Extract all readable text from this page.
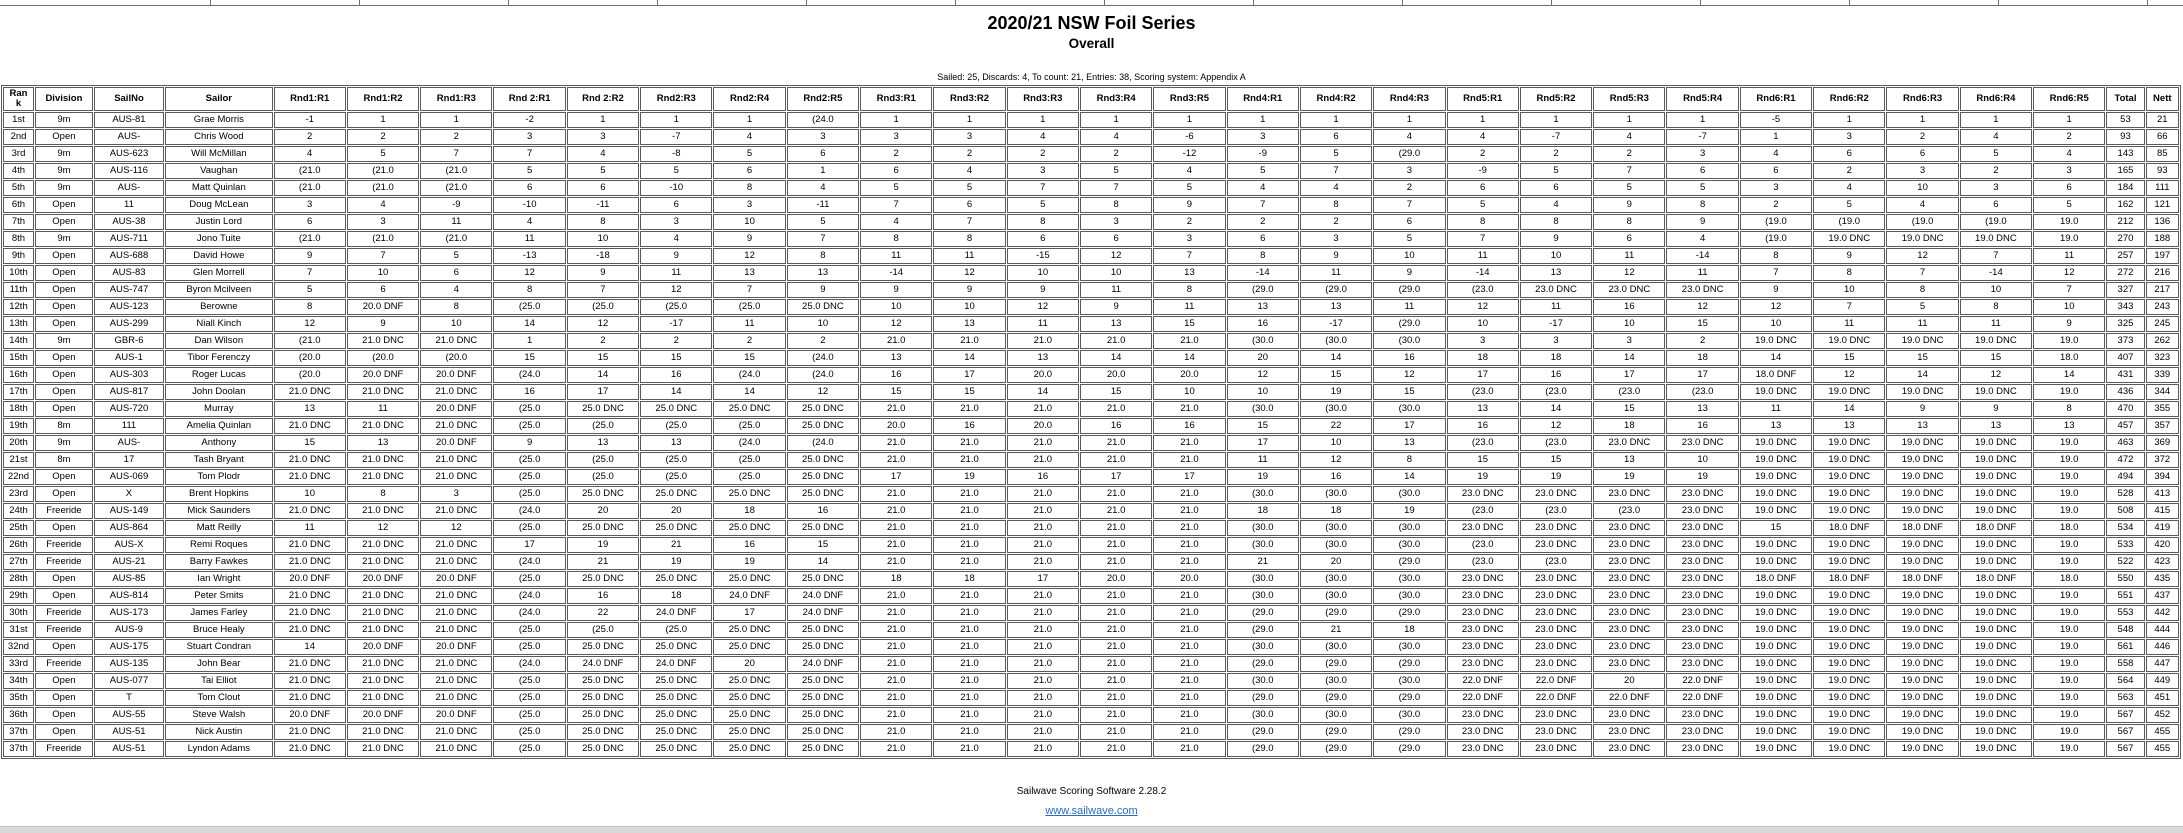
2020/21 NSW Foil Series
Overall
Sailed: 25, Discards: 4, To count: 21, Entries: 38, Scoring system: Appendix A
Rank	Division	SailNo	Sailor	Rnd1:R1	Rnd1:R2	Rnd1:R3	Rnd 2:R1	Rnd 2:R2	Rnd2:R3	Rnd2:R4	Rnd2:R5	Rnd3:R1	Rnd3:R2	Rnd3:R3	Rnd3:R4	Rnd3:R5	Rnd4:R1	Rnd4:R2	Rnd4:R3	Rnd5:R1	Rnd5:R2	Rnd5:R3	Rnd5:R4	Rnd6:R1	Rnd6:R2	Rnd6:R3	Rnd6:R4	Rnd6:R5	Total	Nett
1st	9m	AUS-81	Grae Morris	-1	1	1	-2	1	1	1	(24.0	1	1	1	1	1	1	1	1	1	1	1	1	-5	1	1	1	1	53	21
2nd	Open	AUS-	Chris Wood	2	2	2	3	3	-7	4	3	3	3	4	4	-6	3	6	4	4	-7	4	-7	1	3	2	4	2	93	66
3rd	9m	AUS-623	Will McMillan	4	5	7	7	4	-8	5	6	2	2	2	2	-12	-9	5	(29.0	2	2	2	3	4	6	6	5	4	143	85
4th	9m	AUS-116	Vaughan	(21.0	(21.0	(21.0	5	5	5	6	1	6	4	3	5	4	5	7	3	-9	5	7	6	6	2	3	2	3	165	93
5th	9m	AUS-	Matt Quinlan	(21.0	(21.0	(21.0	6	6	-10	8	4	5	5	7	7	5	4	4	2	6	6	5	5	3	4	10	3	6	184	111
6th	Open	11	Doug McLean	3	4	-9	-10	-11	6	3	-11	7	6	5	8	9	7	8	7	5	4	9	8	2	5	4	6	5	162	121
7th	Open	AUS-38	Justin Lord	6	3	11	4	8	3	10	5	4	7	8	3	2	2	2	6	8	8	8	9	(19.0	(19.0	(19.0	(19.0	19.0	212	136
8th	9m	AUS-711	Jono Tuite	(21.0	(21.0	(21.0	11	10	4	9	7	8	8	6	6	3	6	3	5	7	9	6	4	(19.0	19.0 DNC	19.0 DNC	19.0 DNC	19.0	270	188
9th	Open	AUS-688	David Howe	9	7	5	-13	-18	9	12	8	11	11	-15	12	7	8	9	10	11	10	11	-14	8	9	12	7	11	257	197
10th	Open	AUS-83	Glen Morrell	7	10	6	12	9	11	13	13	-14	12	10	10	13	-14	11	9	-14	13	12	11	7	8	7	-14	12	272	216
11th	Open	AUS-747	Byron Mcilveen	5	6	4	8	7	12	7	9	9	9	9	11	8	(29.0	(29.0	(29.0	(23.0	23.0 DNC	23.0 DNC	23.0 DNC	9	10	8	10	7	327	217
12th	Open	AUS-123	Berowne	8	20.0 DNF	8	(25.0	(25.0	(25.0	(25.0	25.0 DNC	10	10	12	9	11	13	13	11	12	11	16	12	12	7	5	8	10	343	243
13th	Open	AUS-299	Niall Kinch	12	9	10	14	12	-17	11	10	12	13	11	13	15	16	-17	(29.0	10	-17	10	15	10	11	11	11	9	325	245
14th	9m	GBR-6	Dan Wilson	(21.0	21.0 DNC	21.0 DNC	1	2	2	2	2	21.0	21.0	21.0	21.0	21.0	(30.0	(30.0	(30.0	3	3	3	2	19.0 DNC	19.0 DNC	19.0 DNC	19.0 DNC	19.0	373	262
15th	Open	AUS-1	Tibor Ferenczy	(20.0	(20.0	(20.0	15	15	15	15	(24.0	13	14	13	14	14	20	14	16	18	18	14	18	14	15	15	15	18.0	407	323
16th	Open	AUS-303	Roger Lucas	(20.0	20.0 DNF	20.0 DNF	(24.0	14	16	(24.0	(24.0	16	17	20.0	20.0	20.0	12	15	12	17	16	17	17	18.0 DNF	12	14	12	14	431	339
17th	Open	AUS-817	John Doolan	21.0 DNC	21.0 DNC	21.0 DNC	16	17	14	14	12	15	15	14	15	10	10	19	15	(23.0	(23.0	(23.0	(23.0	19.0 DNC	19.0 DNC	19.0 DNC	19.0 DNC	19.0	436	344
18th	Open	AUS-720	Murray	13	11	20.0 DNF	(25.0	25.0 DNC	25.0 DNC	25.0 DNC	25.0 DNC	21.0	21.0	21.0	21.0	21.0	(30.0	(30.0	(30.0	13	14	15	13	11	14	9	9	8	470	355
19th	8m	111	Amelia Quinlan	21.0 DNC	21.0 DNC	21.0 DNC	(25.0	(25.0	(25.0	(25.0	25.0 DNC	20.0	16	20.0	16	16	15	22	17	16	12	18	16	13	13	13	13	13	457	357
20th	9m	AUS-	Anthony	15	13	20.0 DNF	9	13	13	(24.0	(24.0	21.0	21.0	21.0	21.0	21.0	17	10	13	(23.0	(23.0	23.0 DNC	23.0 DNC	19.0 DNC	19.0 DNC	19.0 DNC	19.0 DNC	19.0	463	369
21st	8m	17	Tash Bryant	21.0 DNC	21.0 DNC	21.0 DNC	(25.0	(25.0	(25.0	(25.0	25.0 DNC	21.0	21.0	21.0	21.0	21.0	11	12	8	15	15	13	10	19.0 DNC	19.0 DNC	19.0 DNC	19.0 DNC	19.0	472	372
22nd	Open	AUS-069	Tom Plodr	21.0 DNC	21.0 DNC	21.0 DNC	(25.0	(25.0	(25.0	(25.0	25.0 DNC	17	19	16	17	17	19	16	14	19	19	19	19	19.0 DNC	19.0 DNC	19.0 DNC	19.0 DNC	19.0	494	394
23rd	Open	X	Brent Hopkins	10	8	3	(25.0	25.0 DNC	25.0 DNC	25.0 DNC	25.0 DNC	21.0	21.0	21.0	21.0	21.0	(30.0	(30.0	(30.0	23.0 DNC	23.0 DNC	23.0 DNC	23.0 DNC	19.0 DNC	19.0 DNC	19.0 DNC	19.0 DNC	19.0	528	413
24th	Freeride	AUS-149	Mick Saunders	21.0 DNC	21.0 DNC	21.0 DNC	(24.0	20	20	18	16	21.0	21.0	21.0	21.0	21.0	18	18	19	(23.0	(23.0	(23.0	23.0 DNC	19.0 DNC	19.0 DNC	19.0 DNC	19.0 DNC	19.0	508	415
25th	Open	AUS-864	Matt Reilly	11	12	12	(25.0	25.0 DNC	25.0 DNC	25.0 DNC	25.0 DNC	21.0	21.0	21.0	21.0	21.0	(30.0	(30.0	(30.0	23.0 DNC	23.0 DNC	23.0 DNC	23.0 DNC	15	18.0 DNF	18.0 DNF	18.0 DNF	18.0	534	419
26th	Freeride	AUS-X	Remi Roques	21.0 DNC	21.0 DNC	21.0 DNC	17	19	21	16	15	21.0	21.0	21.0	21.0	21.0	(30.0	(30.0	(30.0	(23.0	23.0 DNC	23.0 DNC	23.0 DNC	19.0 DNC	19.0 DNC	19.0 DNC	19.0 DNC	19.0	533	420
27th	Freeride	AUS-21	Barry Fawkes	21.0 DNC	21.0 DNC	21.0 DNC	(24.0	21	19	19	14	21.0	21.0	21.0	21.0	21.0	21	20	(29.0	(23.0	(23.0	23.0 DNC	23.0 DNC	19.0 DNC	19.0 DNC	19.0 DNC	19.0 DNC	19.0	522	423
28th	Open	AUS-85	Ian Wright	20.0 DNF	20.0 DNF	20.0 DNF	(25.0	25.0 DNC	25.0 DNC	25.0 DNC	25.0 DNC	18	18	17	20.0	20.0	(30.0	(30.0	(30.0	23.0 DNC	23.0 DNC	23.0 DNC	23.0 DNC	18.0 DNF	18.0 DNF	18.0 DNF	18.0 DNF	18.0	550	435
29th	Open	AUS-814	Peter Smits	21.0 DNC	21.0 DNC	21.0 DNC	(24.0	16	18	24.0 DNF	24.0 DNF	21.0	21.0	21.0	21.0	21.0	(30.0	(30.0	(30.0	23.0 DNC	23.0 DNC	23.0 DNC	23.0 DNC	19.0 DNC	19.0 DNC	19.0 DNC	19.0 DNC	19.0	551	437
30th	Freeride	AUS-173	James Farley	21.0 DNC	21.0 DNC	21.0 DNC	(24.0	22	24.0 DNF	17	24.0 DNF	21.0	21.0	21.0	21.0	21.0	(29.0	(29.0	(29.0	23.0 DNC	23.0 DNC	23.0 DNC	23.0 DNC	19.0 DNC	19.0 DNC	19.0 DNC	19.0 DNC	19.0	553	442
31st	Freeride	AUS-9	Bruce Healy	21.0 DNC	21.0 DNC	21.0 DNC	(25.0	(25.0	(25.0	25.0 DNC	25.0 DNC	21.0	21.0	21.0	21.0	21.0	(29.0	21	18	23.0 DNC	23.0 DNC	23.0 DNC	23.0 DNC	19.0 DNC	19.0 DNC	19.0 DNC	19.0 DNC	19.0	548	444
32nd	Open	AUS-175	Stuart Condran	14	20.0 DNF	20.0 DNF	(25.0	25.0 DNC	25.0 DNC	25.0 DNC	25.0 DNC	21.0	21.0	21.0	21.0	21.0	(30.0	(30.0	(30.0	23.0 DNC	23.0 DNC	23.0 DNC	23.0 DNC	19.0 DNC	19.0 DNC	19.0 DNC	19.0 DNC	19.0	561	446
33rd	Freeride	AUS-135	John Bear	21.0 DNC	21.0 DNC	21.0 DNC	(24.0	24.0 DNF	24.0 DNF	20	24.0 DNF	21.0	21.0	21.0	21.0	21.0	(29.0	(29.0	(29.0	23.0 DNC	23.0 DNC	23.0 DNC	23.0 DNC	19.0 DNC	19.0 DNC	19.0 DNC	19.0 DNC	19.0	558	447
34th	Open	AUS-077	Tai Elliot	21.0 DNC	21.0 DNC	21.0 DNC	(25.0	25.0 DNC	25.0 DNC	25.0 DNC	25.0 DNC	21.0	21.0	21.0	21.0	21.0	(30.0	(30.0	(30.0	22.0 DNF	22.0 DNF	20	22.0 DNF	19.0 DNC	19.0 DNC	19.0 DNC	19.0 DNC	19.0	564	449
35th	Open	T	Tom Clout	21.0 DNC	21.0 DNC	21.0 DNC	(25.0	25.0 DNC	25.0 DNC	25.0 DNC	25.0 DNC	21.0	21.0	21.0	21.0	21.0	(29.0	(29.0	(29.0	22.0 DNF	22.0 DNF	22.0 DNF	22.0 DNF	19.0 DNC	19.0 DNC	19.0 DNC	19.0 DNC	19.0	563	451
36th	Open	AUS-55	Steve Walsh	20.0 DNF	20.0 DNF	20.0 DNF	(25.0	25.0 DNC	25.0 DNC	25.0 DNC	25.0 DNC	21.0	21.0	21.0	21.0	21.0	(30.0	(30.0	(30.0	23.0 DNC	23.0 DNC	23.0 DNC	23.0 DNC	19.0 DNC	19.0 DNC	19.0 DNC	19.0 DNC	19.0	567	452
37th	Open	AUS-51	Nick Austin	21.0 DNC	21.0 DNC	21.0 DNC	(25.0	25.0 DNC	25.0 DNC	25.0 DNC	25.0 DNC	21.0	21.0	21.0	21.0	21.0	(29.0	(29.0	(29.0	23.0 DNC	23.0 DNC	23.0 DNC	23.0 DNC	19.0 DNC	19.0 DNC	19.0 DNC	19.0 DNC	19.0	567	455
37th	Freeride	AUS-51	Lyndon Adams	21.0 DNC	21.0 DNC	21.0 DNC	(25.0	25.0 DNC	25.0 DNC	25.0 DNC	25.0 DNC	21.0	21.0	21.0	21.0	21.0	(29.0	(29.0	(29.0	23.0 DNC	23.0 DNC	23.0 DNC	23.0 DNC	19.0 DNC	19.0 DNC	19.0 DNC	19.0 DNC	19.0	567	455
Sailwave Scoring Software 2.28.2
www.sailwave.com
